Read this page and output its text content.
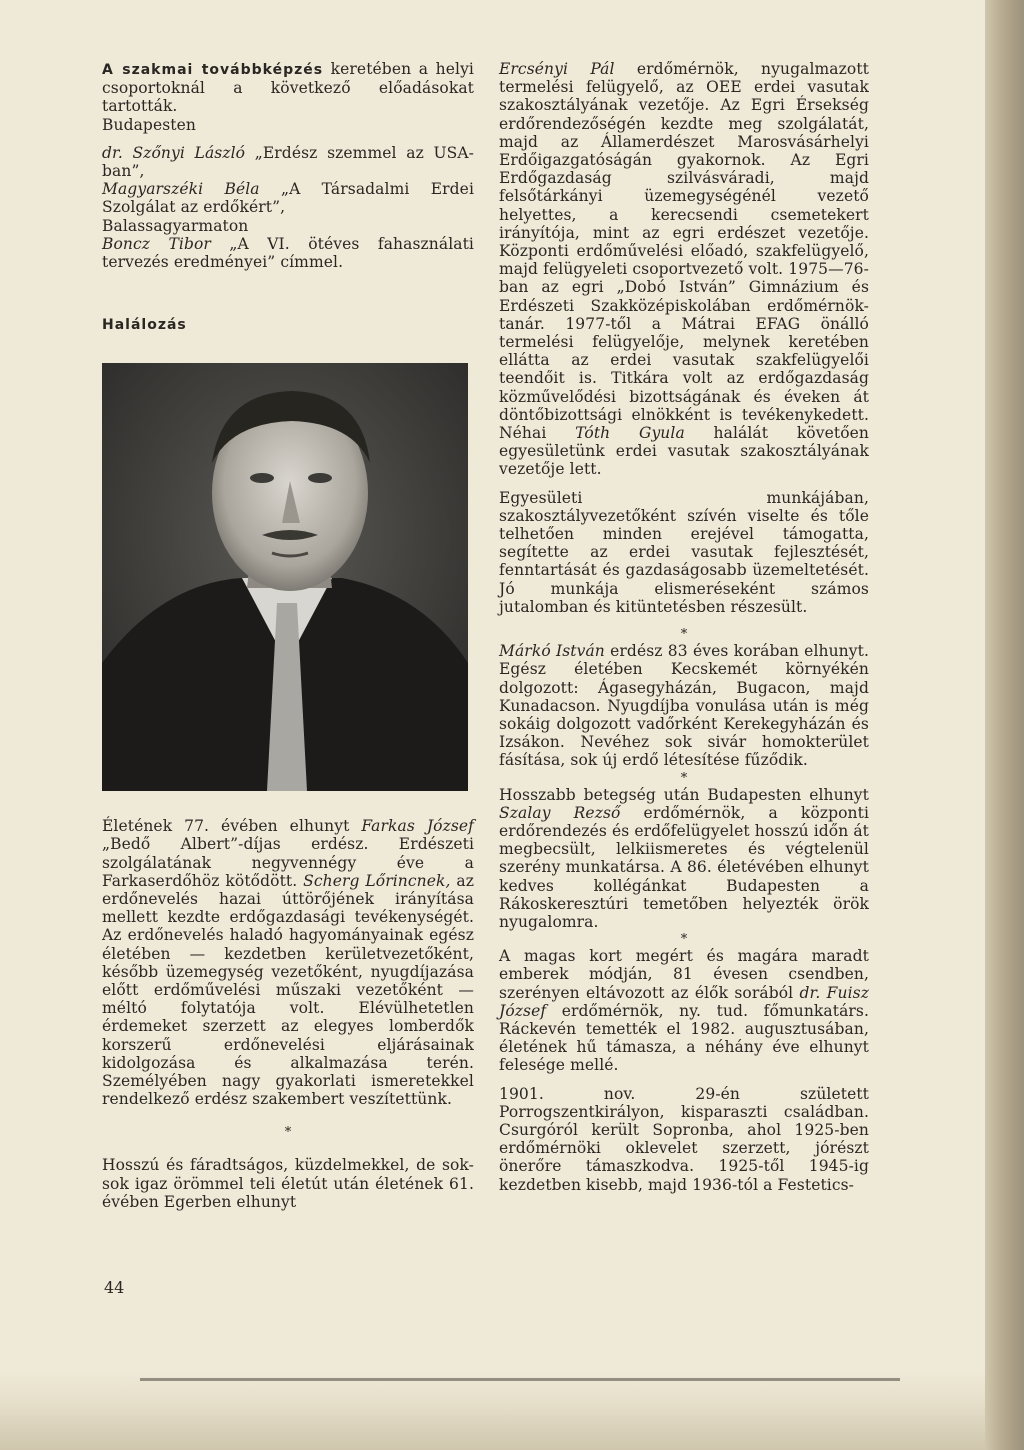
A szakmai továbbképzés keretében a helyi csoportoknál a következő előadásokat tartották.

Budapesten

dr. Szőnyi László „Erdész szemmel az USA-ban”,

Magyarszéki Béla „A Társadalmi Erdei Szolgálat az erdőkért”,

Balassagyarmaton

Boncz Tibor „A VI. ötéves fahasználati tervezés eredményei” címmel.

Halálozás

Életének 77. évében elhunyt Farkas József „Bedő Albert”-díjas erdész. Erdészeti szolgálatának negyvennégy éve a Farkaserdőhöz kötődött. Scherg Lőrincnek, az erdőnevelés hazai úttörőjének irányítása mellett kezdte erdőgazdasági tevékenységét. Az erdőnevelés haladó hagyományainak egész életében — kezdetben kerületvezetőként, később üzemegység vezetőként, nyugdíjazása előtt erdőművelési műszaki vezetőként — méltó folytatója volt. Elévülhetetlen érdemeket szerzett az elegyes lomberdők korszerű erdőnevelési eljárásainak kidolgozása és alkalmazása terén. Személyében nagy gyakorlati ismeretekkel rendelkező erdész szakembert veszítettünk.

*

Hosszú és fáradtságos, küzdelmekkel, de sok-sok igaz örömmel teli életút után életének 61. évében Egerben elhunyt

44

Ercsényi Pál erdőmérnök, nyugalmazott termelési felügyelő, az OEE erdei vasutak szakosztályának vezetője. Az Egri Érsekség erdőrendezőségén kezdte meg szolgálatát, majd az Államerdészet Marosvásárhelyi Erdőigazgatóságán gyakornok. Az Egri Erdőgazdaság szilvásváradi, majd felsőtárkányi üzemegységénél vezető helyettes, a kerecsendi csemetekert irányítója, mint az egri erdészet vezetője. Központi erdőművelési előadó, szakfelügyelő, majd felügyeleti csoportvezető volt. 1975—76-ban az egri „Dobó István” Gimnázium és Erdészeti Szakközépiskolában erdőmérnök-tanár. 1977-től a Mátrai EFAG önálló termelési felügyelője, melynek keretében ellátta az erdei vasutak szakfelügyelői teendőit is. Titkára volt az erdőgazdaság közművelődési bizottságának és éveken át döntőbizottsági elnökként is tevékenykedett. Néhai Tóth Gyula halálát követően egyesületünk erdei vasutak szakosztályának vezetője lett.

Egyesületi munkájában, szakosztályvezetőként szívén viselte és tőle telhetően minden erejével támogatta, segítette az erdei vasutak fejlesztését, fenntartását és gazdaságosabb üzemeltetését. Jó munkája elismeréseként számos jutalomban és kitüntetésben részesült.

*

Márkó István erdész 83 éves korában elhunyt. Egész életében Kecskemét környékén dolgozott: Ágasegyházán, Bugacon, majd Kunadacson. Nyugdíjba vonulása után is még sokáig dolgozott vadőrként Kerekegyházán és Izsákon. Nevéhez sok sivár homokterület fásítása, sok új erdő létesítése fűződik.

*

Hosszabb betegség után Budapesten elhunyt Szalay Rezső erdőmérnök, a központi erdőrendezés és erdőfelügyelet hosszú időn át megbecsült, lelkiismeretes és végtelenül szerény munkatársa. A 86. életévében elhunyt kedves kollégánkat Budapesten a Rákoskeresztúri temetőben helyezték örök nyugalomra.

*

A magas kort megért és magára maradt emberek módján, 81 évesen csendben, szerényen eltávozott az élők sorából dr. Fuisz József erdőmérnök, ny. tud. főmunkatárs. Ráckevén temették el 1982. augusztusában, életének hű támasza, a néhány éve elhunyt felesége mellé.

1901. nov. 29-én született Porrogszentkirályon, kisparaszti családban. Csurgóról került Sopronba, ahol 1925-ben erdőmérnöki oklevelet szerzett, jórészt önerőre támaszkodva. 1925-től 1945-ig kezdetben kisebb, majd 1936-tól a Festetics-
